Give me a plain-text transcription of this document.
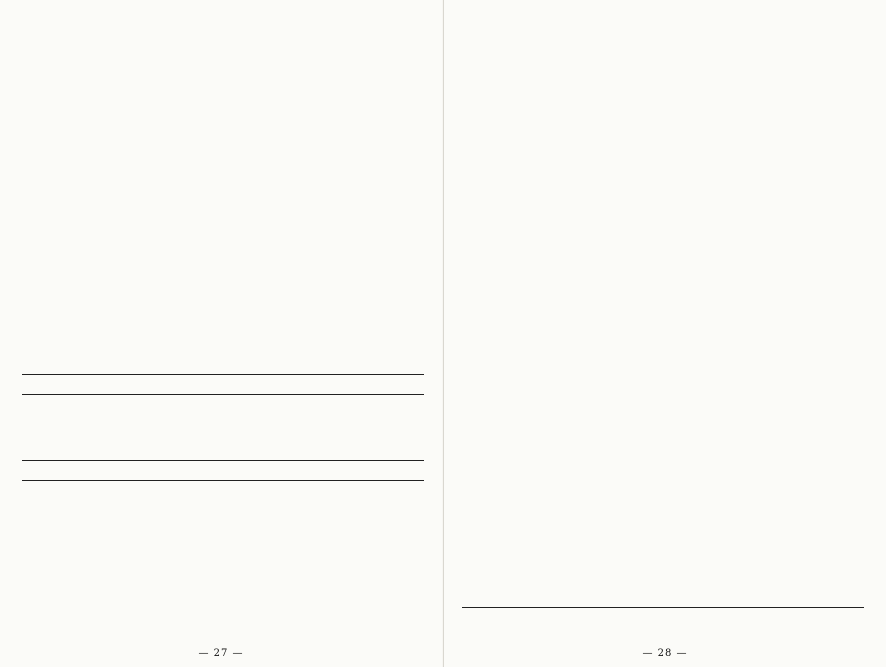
— 27 —	— 28 —
